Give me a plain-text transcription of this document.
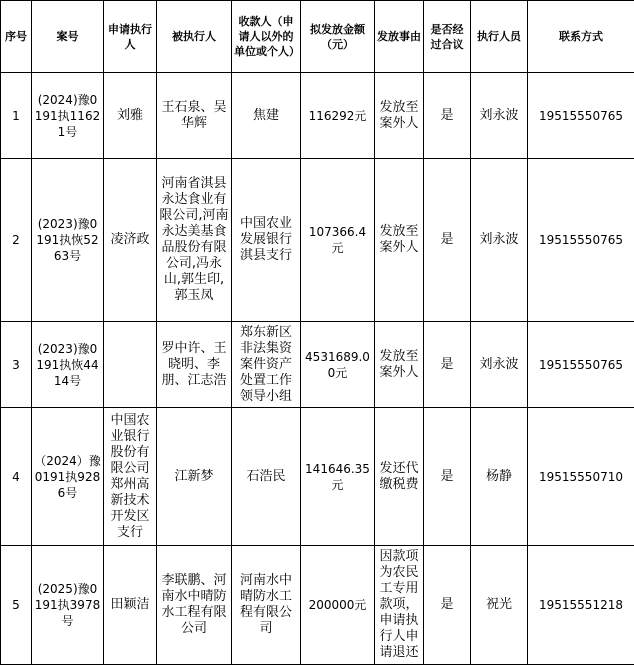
序号	案号	申请执行人	被执行人	收款人（申请人以外的单位或个人）	拟发放金额（元）	发放事由	是否经过合议	执行人员	联系方式
1	(2024)豫0191执11621号	刘雅	王石泉、吴华辉	焦建	116292元	发放至案外人	是	刘永波	19515550765
2	(2023)豫0191执恢5263号	凌济政	河南省淇县永达食业有限公司,河南永达美基食品股份有限公司,冯永山,郭生印,郭玉凤	中国农业发展银行淇县支行	107366.4元	发放至案外人	是	刘永波	19515550765
3	(2023)豫0191执恢4414号		罗中许、王晓明、李朋、江志浩	郑东新区非法集资案件资产处置工作领导小组	4531689.00元	发放至案外人	是	刘永波	19515550765
4	（2024）豫0191执9286号	中国农业银行股份有限公司郑州高新技术开发区支行	江新梦	石浩民	141646.35元	发还代缴税费	是	杨静	19515550710
5	(2025)豫0191执3978号	田颖洁	李联鹏、河南水中晴防水工程有限公司	河南水中晴防水工程有限公司	200000元	因款项为农民工专用款项，申请执行人申请退还	是	祝光	19515551218
